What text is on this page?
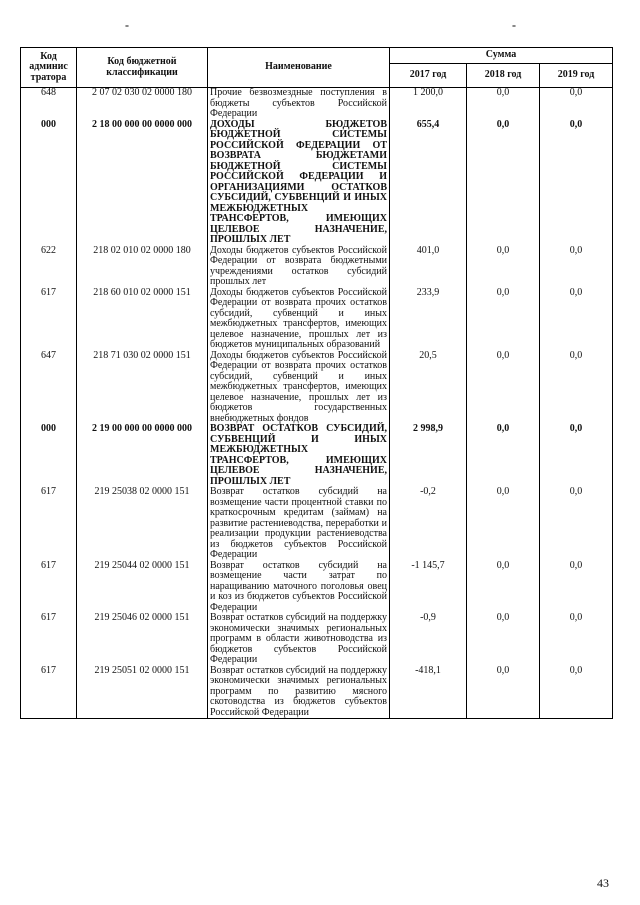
-	-
Код админис тратора	Код бюджетной классификации	Наименование	Сумма		
			2017 год	2018 год	2019 год
648	2 07 02 030 02 0000 180	Прочие безвозмездные поступления в бюджеты субъектов Российской Федерации	1 200,0	0,0	0,0
000	2 18 00 000 00 0000 000	ДОХОДЫ БЮДЖЕТОВ БЮДЖЕТНОЙ СИСТЕМЫ РОССИЙСКОЙ ФЕДЕРАЦИИ ОТ ВОЗВРАТА БЮДЖЕТАМИ БЮДЖЕТНОЙ СИСТЕМЫ РОССИЙСКОЙ ФЕДЕРАЦИИ И ОРГАНИЗАЦИЯМИ ОСТАТКОВ СУБСИДИЙ, СУБВЕНЦИЙ И ИНЫХ МЕЖБЮДЖЕТНЫХ ТРАНСФЕРТОВ, ИМЕЮЩИХ ЦЕЛЕВОЕ НАЗНАЧЕНИЕ, ПРОШЛЫХ ЛЕТ	655,4	0,0	0,0
622	218 02 010 02 0000 180	Доходы бюджетов субъектов Российской Федерации от возврата бюджетными учреждениями остатков субсидий прошлых лет	401,0	0,0	0,0
617	218 60 010 02 0000 151	Доходы бюджетов субъектов Российской Федерации от возврата прочих остатков субсидий, субвенций и иных межбюджетных трансфертов, имеющих целевое назначение, прошлых лет из бюджетов муниципальных образований	233,9	0,0	0,0
647	218 71 030 02 0000 151	Доходы бюджетов субъектов Российской Федерации от возврата прочих остатков субсидий, субвенций и иных межбюджетных трансфертов, имеющих целевое назначение, прошлых лет из бюджетов государственных внебюджетных фондов	20,5	0,0	0,0
000	2 19 00 000 00 0000 000	ВОЗВРАТ ОСТАТКОВ СУБСИДИЙ, СУБВЕНЦИЙ И ИНЫХ МЕЖБЮДЖЕТНЫХ ТРАНСФЕРТОВ, ИМЕЮЩИХ ЦЕЛЕВОЕ НАЗНАЧЕНИЕ, ПРОШЛЫХ ЛЕТ	2 998,9	0,0	0,0
617	219 25038 02 0000 151	Возврат остатков субсидий на возмещение части процентной ставки по краткосрочным кредитам (займам) на развитие растениеводства, переработки и реализации продукции растениеводства из бюджетов субъектов Российской Федерации	-0,2	0,0	0,0
617	219 25044 02 0000 151	Возврат остатков субсидий на возмещение части затрат по наращиванию маточного поголовья овец и коз из бюджетов субъектов Российской Федерации	-1 145,7	0,0	0,0
617	219 25046 02 0000 151	Возврат остатков субсидий на поддержку экономически значимых региональных программ в области животноводства из бюджетов субъектов Российской Федерации	-0,9	0,0	0,0
617	219 25051 02 0000 151	Возврат остатков субсидий на поддержку экономически значимых региональных программ по развитию мясного скотоводства из бюджетов субъектов Российской Федерации	-418,1	0,0	0,0
43
